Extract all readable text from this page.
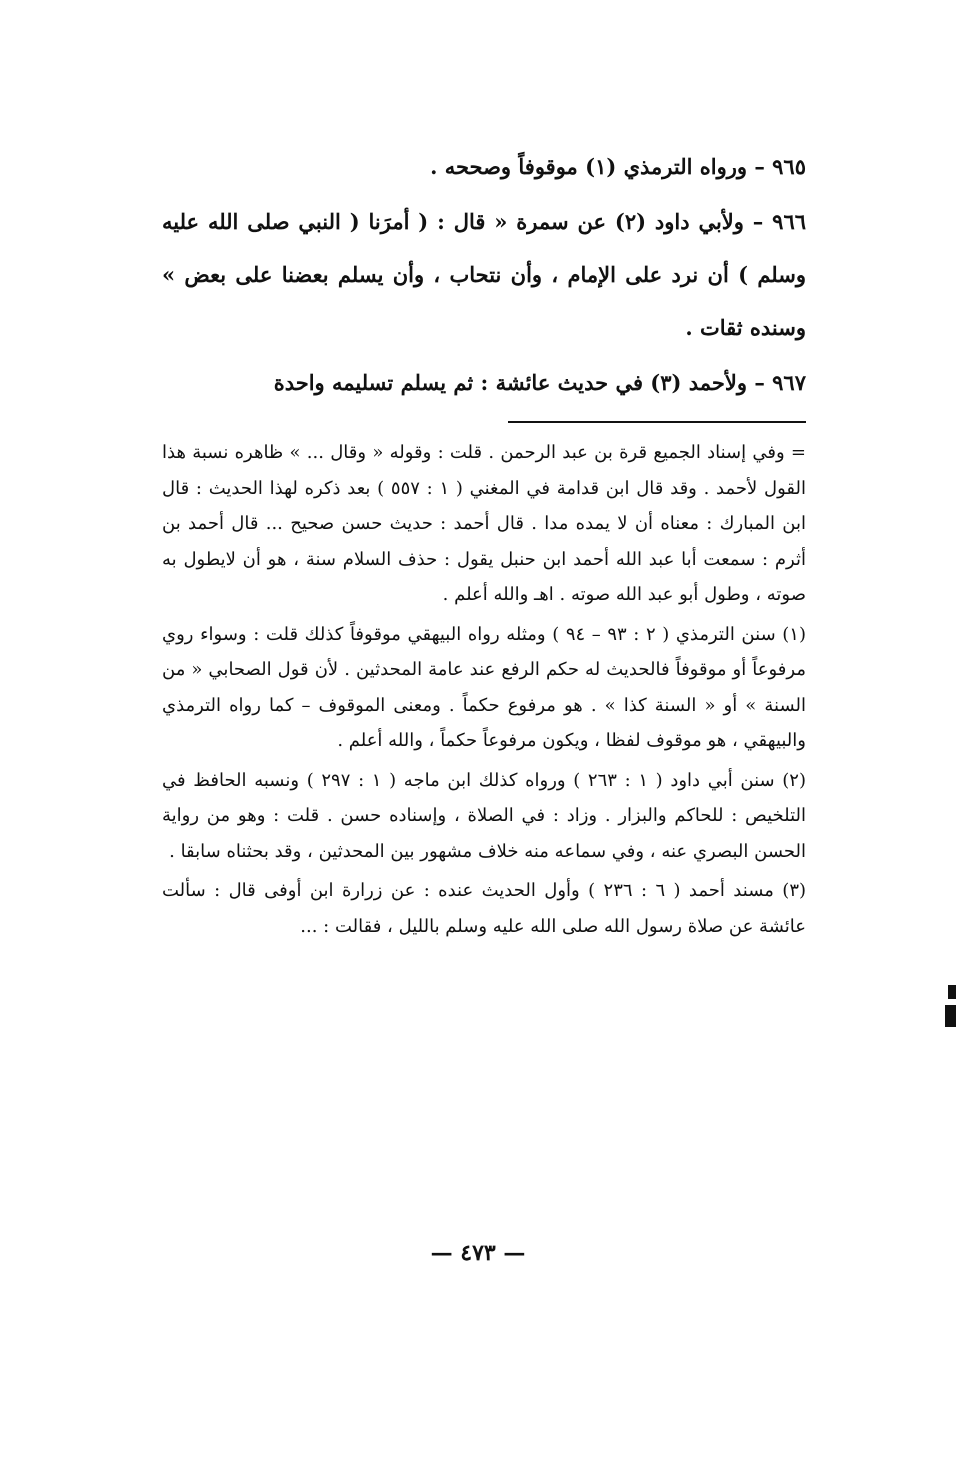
٩٦٥ – ورواه الترمذي (١) موقوفاً وصححه .

٩٦٦ – ولأبي داود (٢) عن سمرة « قال : ( أمرَنا ( النبي صلى الله عليه وسلم ) أن نرد على الإمام ، وأن نتحاب ، وأن يسلم بعضنا على بعض » وسنده ثقات .

٩٦٧ – ولأحمد (٣) في حديث عائشة : ثم يسلم تسليمه واحدة

= وفي إسناد الجميع قرة بن عبد الرحمن . قلت : وقوله « وقال ... » ظاهره نسبة هذا القول لأحمد . وقد قال ابن قدامة في المغني ( ١ : ٥٥٧ ) بعد ذكره لهذا الحديث : قال ابن المبارك : معناه أن لا يمده مدا . قال أحمد : حديث حسن صحيح ... قال أحمد بن أثرم : سمعت أبا عبد الله أحمد ابن حنبل يقول : حذف السلام سنة ، هو أن لايطول به صوته ، وطول أبو عبد الله صوته . اهـ والله أعلم .

(١) سنن الترمذي ( ٢ : ٩٣ – ٩٤ ) ومثله رواه البيهقي موقوفاً كذلك قلت : وسواء روي مرفوعاً أو موقوفاً فالحديث له حكم الرفع عند عامة المحدثين . لأن قول الصحابي « من السنة » أو « السنة كذا » . هو مرفوع حكماً . ومعنى الموقوف – كما رواه الترمذي والبيهقي ، هو موقوف لفظا ، ويكون مرفوعاً حكماً ، والله أعلم .

(٢) سنن أبي داود ( ١ : ٢٦٣ ) ورواه كذلك ابن ماجه ( ١ : ٢٩٧ ) ونسبه الحافظ في التلخيص : للحاكم والبزار . وزاد : في الصلاة ، وإسناده حسن . قلت : وهو من رواية الحسن البصري عنه ، وفي سماعه منه خلاف مشهور بين المحدثين ، وقد بحثناه سابقا .

(٣) مسند أحمد ( ٦ : ٢٣٦ ) وأول الحديث عنده : عن زرارة ابن أوفى قال : سألت عائشة عن صلاة رسول الله صلى الله عليه وسلم بالليل ، فقالت : ...

— ٤٧٣ —
